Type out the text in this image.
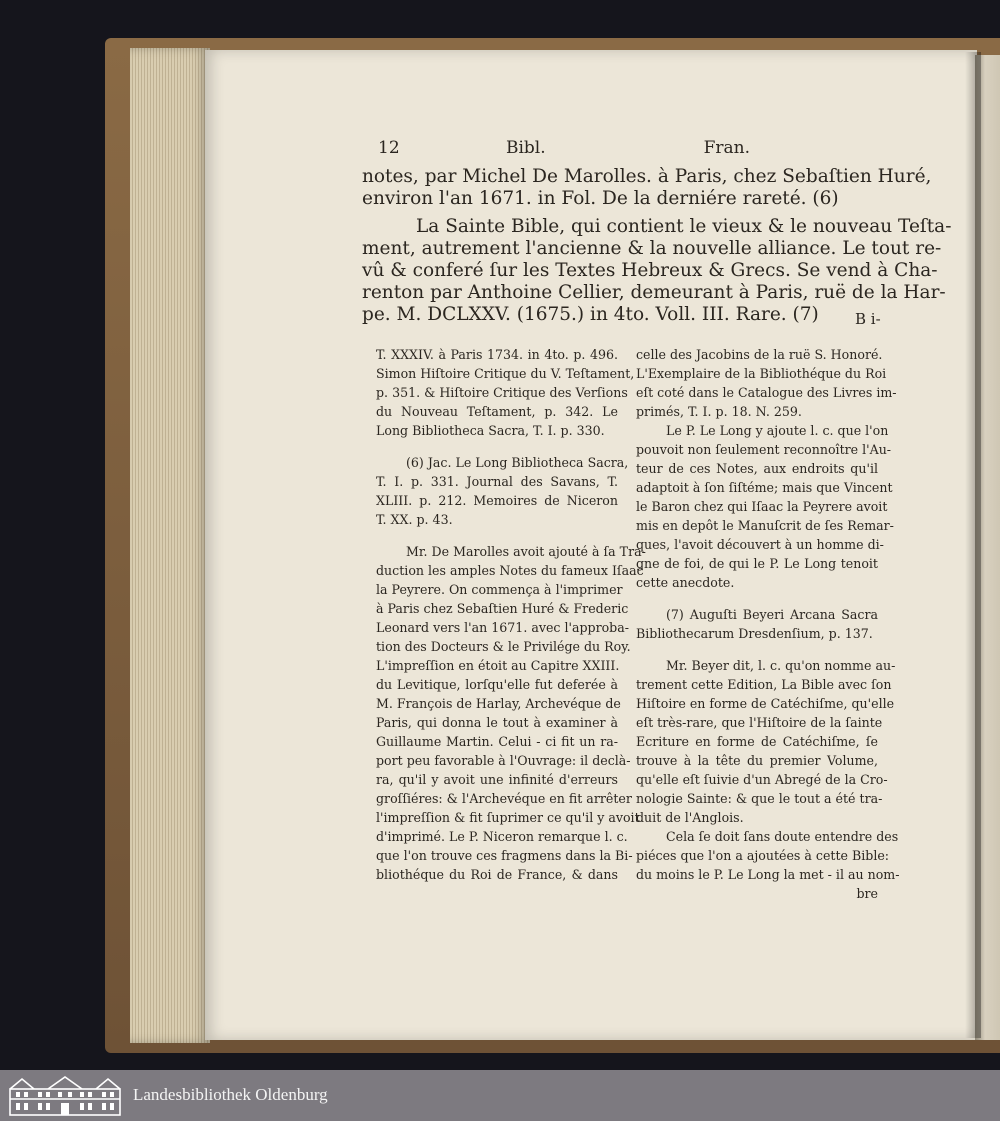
12	Bibl.	Fran.
notes, par Michel De Marolles. à Paris, chez Sebaſtien Huré,
environ l'an 1671. in Fol. De la derniére rareté. (6)
La Sainte Bible, qui contient le vieux & le nouveau Teſta-
ment, autrement l'ancienne & la nouvelle alliance. Le tout re-
vû & conferé ſur les Textes Hebreux & Grecs. Se vend à Cha-
renton par Anthoine Cellier, demeurant à Paris, ruë de la Har-
pe. M. DCLXXV. (1675.) in 4to. Voll. III. Rare. (7)	B i-
T. XXXIV. à Paris 1734. in 4to. p. 496.
Simon Hiſtoire Critique du V. Teſtament,
p. 351. & Hiſtoire Critique des Verſions
du Nouveau Teſtament, p. 342. Le
Long Bibliotheca Sacra, T. I. p. 330.
(6) Jac. Le Long Bibliotheca Sacra,
T. I. p. 331. Journal des Savans, T.
XLIII. p. 212. Memoires de Niceron
T. XX. p. 43.
Mr. De Marolles avoit ajouté à ſa Tra-
duction les amples Notes du fameux Iſaac
la Peyrere. On commença à l'imprimer
à Paris chez Sebaſtien Huré & Frederic
Leonard vers l'an 1671. avec l'approba-
tion des Docteurs & le Privilége du Roy.
L'impreſſion en étoit au Capitre XXIII.
du Levitique, lorſqu'elle fut deferée à
M. François de Harlay, Archevéque de
Paris, qui donna le tout à examiner à
Guillaume Martin. Celui - ci fit un ra-
port peu favorable à l'Ouvrage: il declà-
ra, qu'il y avoit une infinité d'erreurs
groſſiéres: & l'Archevéque en fit arrêter
l'impreſſion & fit ſuprimer ce qu'il y avoit
d'imprimé. Le P. Niceron remarque l. c.
que l'on trouve ces fragmens dans la Bi-
bliothéque du Roi de France, & dans
celle des Jacobins de la ruë S. Honoré.
L'Exemplaire de la Bibliothéque du Roi
eſt coté dans le Catalogue des Livres im-
primés, T. I. p. 18. N. 259.
Le P. Le Long y ajoute l. c. que l'on
pouvoit non ſeulement reconnoître l'Au-
teur de ces Notes, aux endroits qu'il
adaptoit à ſon ſiſtéme; mais que Vincent
le Baron chez qui Iſaac la Peyrere avoit
mis en depôt le Manuſcrit de ſes Remar-
ques, l'avoit découvert à un homme di-
gne de foi, de qui le P. Le Long tenoit
cette anecdote.
(7) Auguſti Beyeri Arcana Sacra
Bibliothecarum Dresdenſium, p. 137.
Mr. Beyer dit, l. c. qu'on nomme au-
trement cette Edition, La Bible avec ſon
Hiſtoire en forme de Catéchiſme, qu'elle
eſt très-rare, que l'Hiſtoire de la ſainte
Ecriture en forme de Catéchiſme, ſe
trouve à la tête du premier Volume,
qu'elle eſt ſuivie d'un Abregé de la Cro-
nologie Sainte: & que le tout a été tra-
duit de l'Anglois.
Cela ſe doit ſans doute entendre des
piéces que l'on a ajoutées à cette Bible:
du moins le P. Le Long la met - il au nom-
bre
Landesbibliothek Oldenburg
